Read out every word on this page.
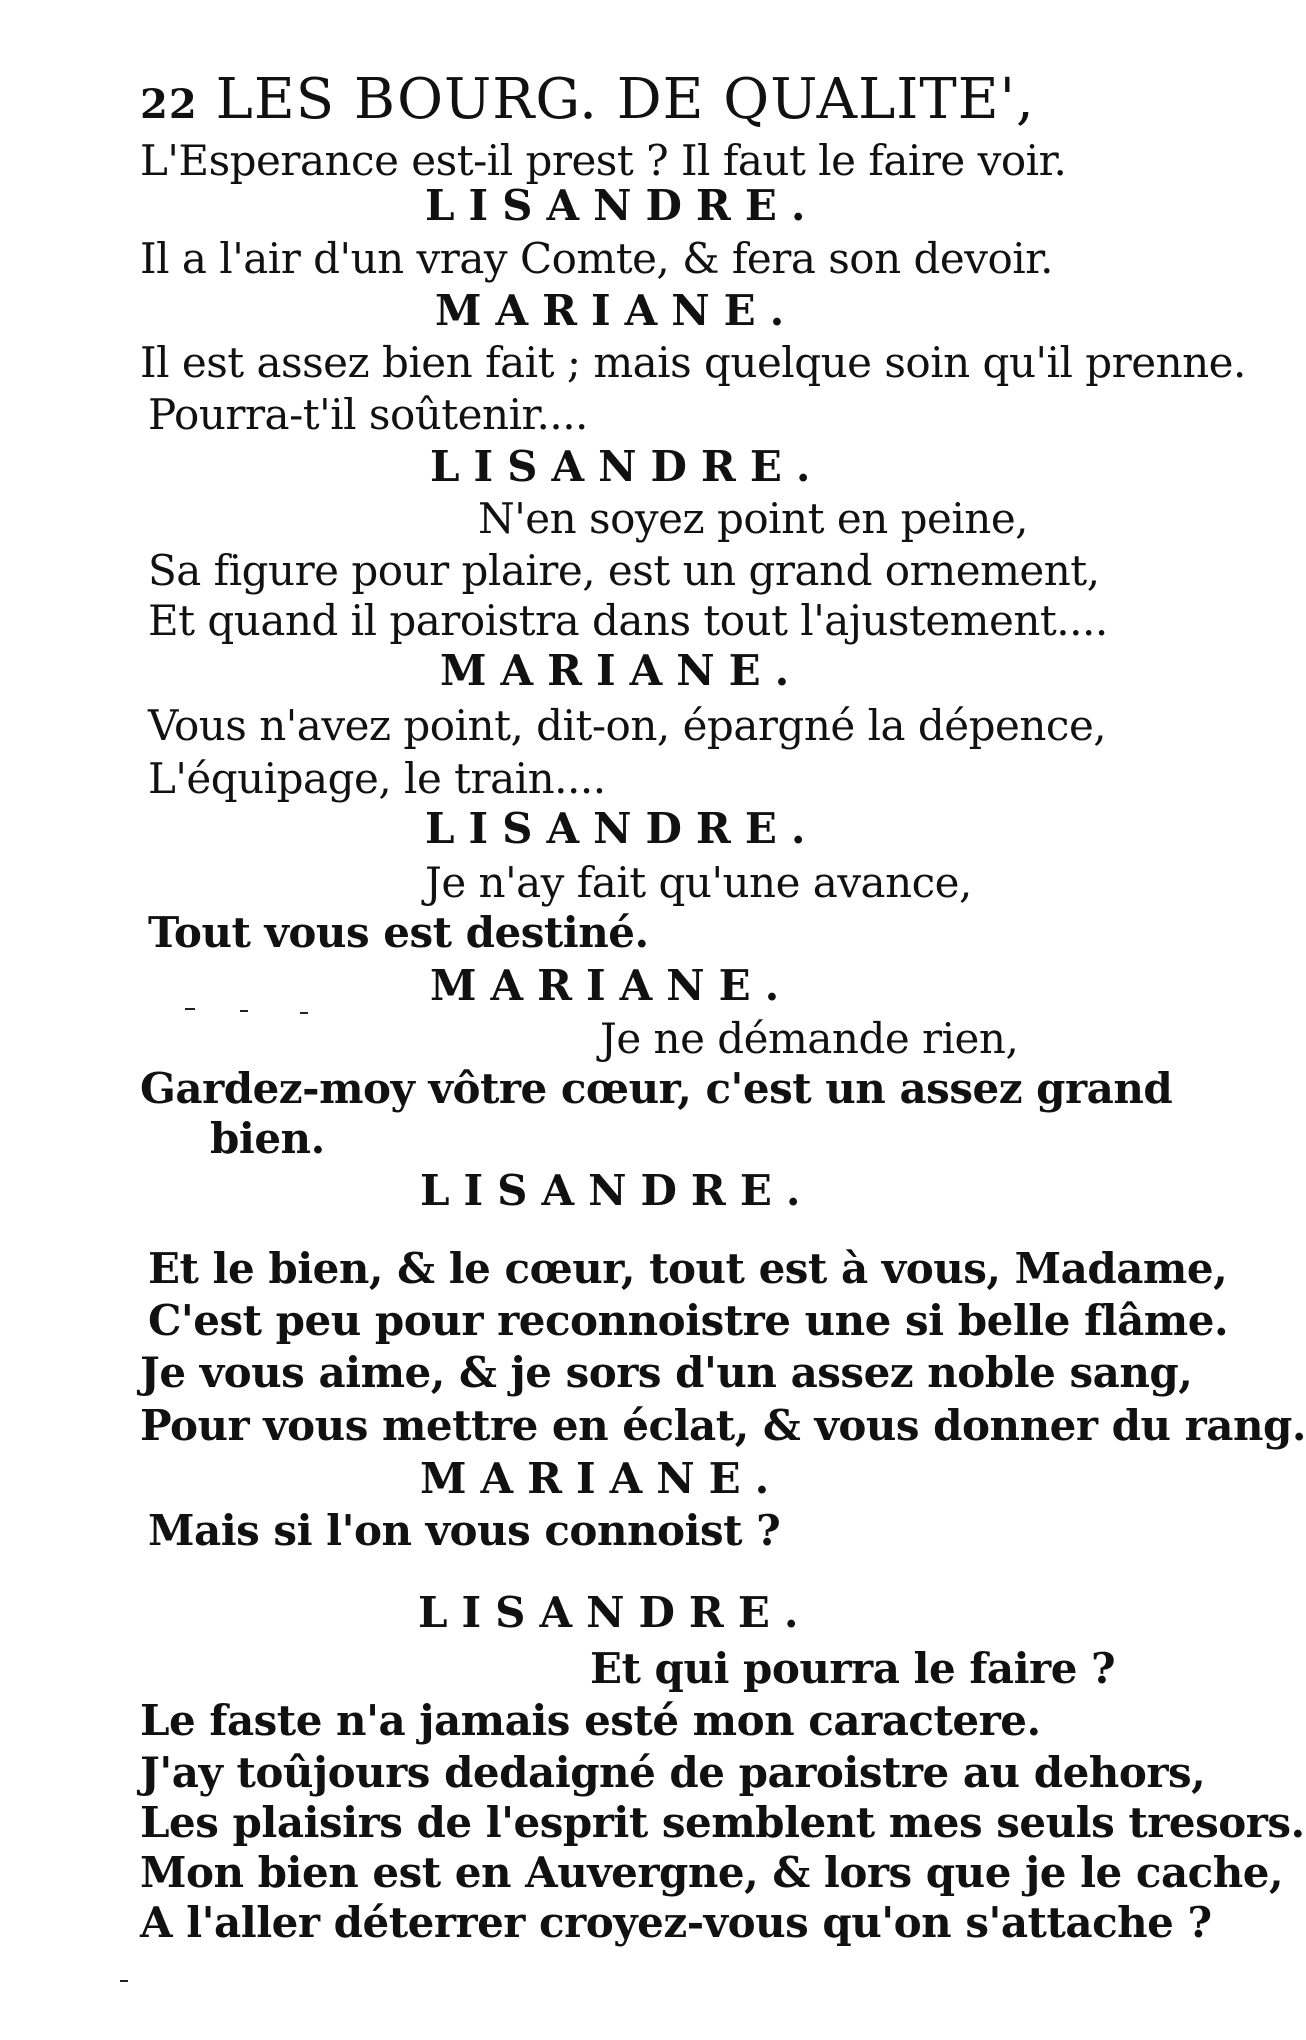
22 LES BOURG. DE QUALITE',
L'Esperance est-il prest ? Il faut le faire voir.
LISANDRE.
Il a l'air d'un vray Comte, & fera son devoir.
MARIANE.
Il est assez bien fait ; mais quelque soin qu'il prenne.
Pourra-t'il soûtenir....
LISANDRE.
N'en soyez point en peine,
Sa figure pour plaire, est un grand ornement,
Et quand il paroistra dans tout l'ajustement....
MARIANE.
Vous n'avez point, dit-on, épargné la dépence,
L'équipage, le train....
LISANDRE.
Je n'ay fait qu'une avance,
Tout vous est destiné.
MARIANE.
Je ne démande rien,
Gardez-moy vôtre cœur, c'est un assez grand
bien.
LISANDRE.
Et le bien, & le cœur, tout est à vous, Madame,
C'est peu pour reconnoistre une si belle flâme.
Je vous aime, & je sors d'un assez noble sang,
Pour vous mettre en éclat, & vous donner du rang.
MARIANE.
Mais si l'on vous connoist ?
LISANDRE.
Et qui pourra le faire ?
Le faste n'a jamais esté mon caractere.
J'ay toûjours dedaigné de paroistre au dehors,
Les plaisirs de l'esprit semblent mes seuls tresors.
Mon bien est en Auvergne, & lors que je le cache,
A l'aller déterrer croyez-vous qu'on s'attache ?
